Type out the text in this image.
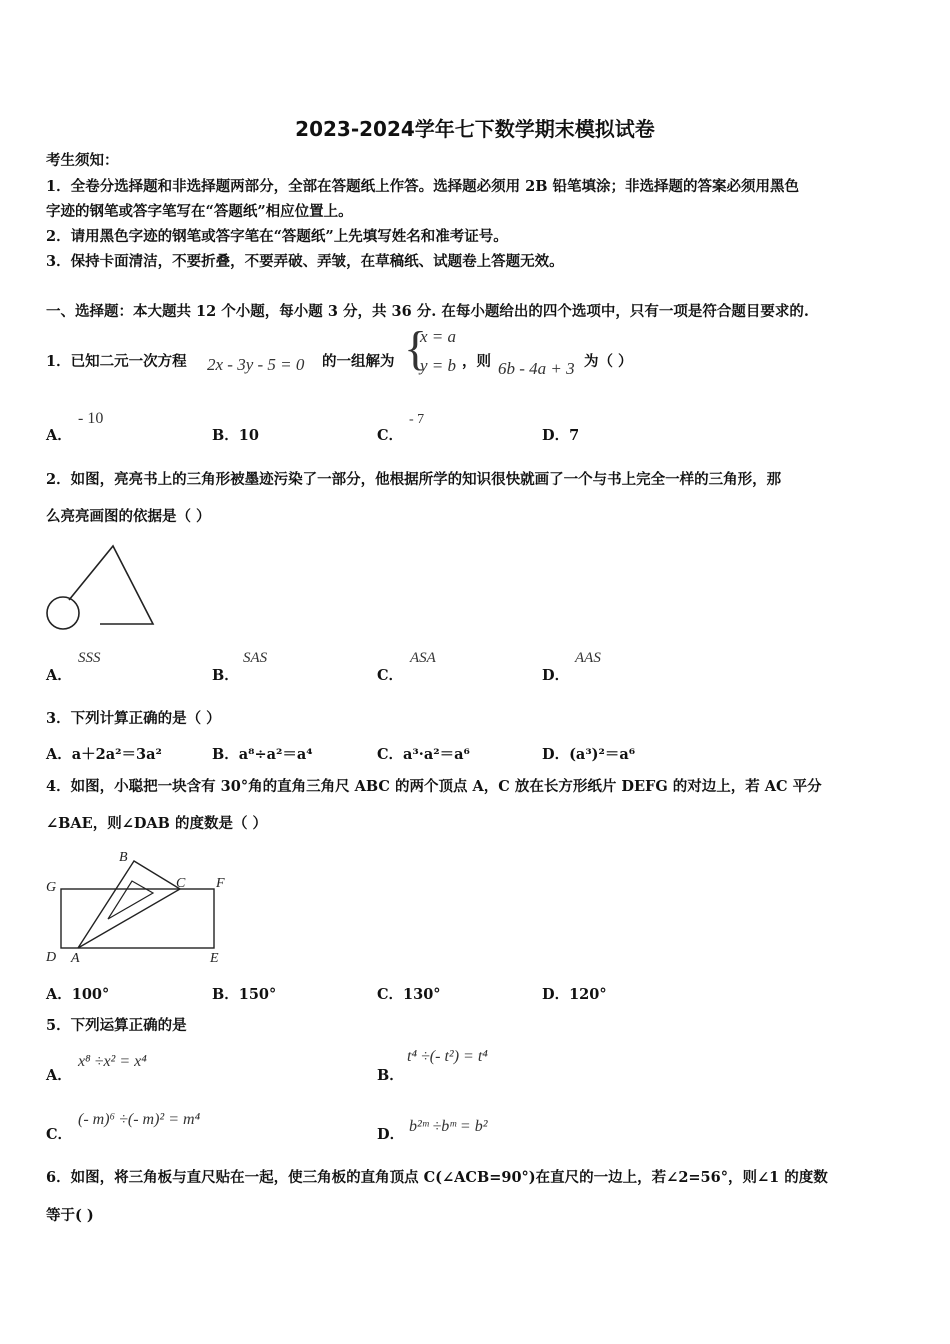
2023-2024学年七下数学期末模拟试卷
考生须知：
1．全卷分选择题和非选择题两部分，全部在答题纸上作答。选择题必须用 2B 铅笔填涂；非选择题的答案必须用黑色
字迹的钢笔或答字笔写在“答题纸”相应位置上。
2．请用黑色字迹的钢笔或答字笔在“答题纸”上先填写姓名和准考证号。
3．保持卡面清洁，不要折叠，不要弄破、弄皱，在草稿纸、试题卷上答题无效。
一、选择题：本大题共 12 个小题，每小题 3 分，共 36 分. 在每小题给出的四个选项中，只有一项是符合题目要求的.
1．已知二元一次方程 2x - 3y - 5 = 0 的一组解为 {
x = a
y = b ，则 6b - 4a + 3 为（ ）
A．
- 10
B．10	C．
- 7
D．7
2．如图，亮亮书上的三角形被墨迹污染了一部分，他根据所学的知识很快就画了一个与书上完全一样的三角形，那
么亮亮画图的依据是（ ）
A．
SSS
B．
SAS
C．
ASA
D．
AAS
3．下列计算正确的是（ ）
A．a＋2a²＝3a²	B．a⁸÷a²＝a⁴	C．a³·a²＝a⁶	D．(a³)²＝a⁶
4．如图，小聪把一块含有 30°角的直角三角尺 ABC 的两个顶点 A，C 放在长方形纸片 DEFG 的对边上，若 AC 平分
∠BAE，则∠DAB 的度数是（ ）
B
C
G	F
D A	E
A．100°	B．150°	C．130°	D．120°
5．下列运算正确的是
A．
x⁸ ÷x² = x⁴
B．
t⁴ ÷(- t²) = t⁴
C．
(- m)⁶ ÷(- m)² = m⁴
D． b²ᵐ ÷bᵐ = b²
6．如图，将三角板与直尺贴在一起，使三角板的直角顶点 C(∠ACB=90°)在直尺的一边上，若∠2=56°，则∠1 的度数
等于( )
